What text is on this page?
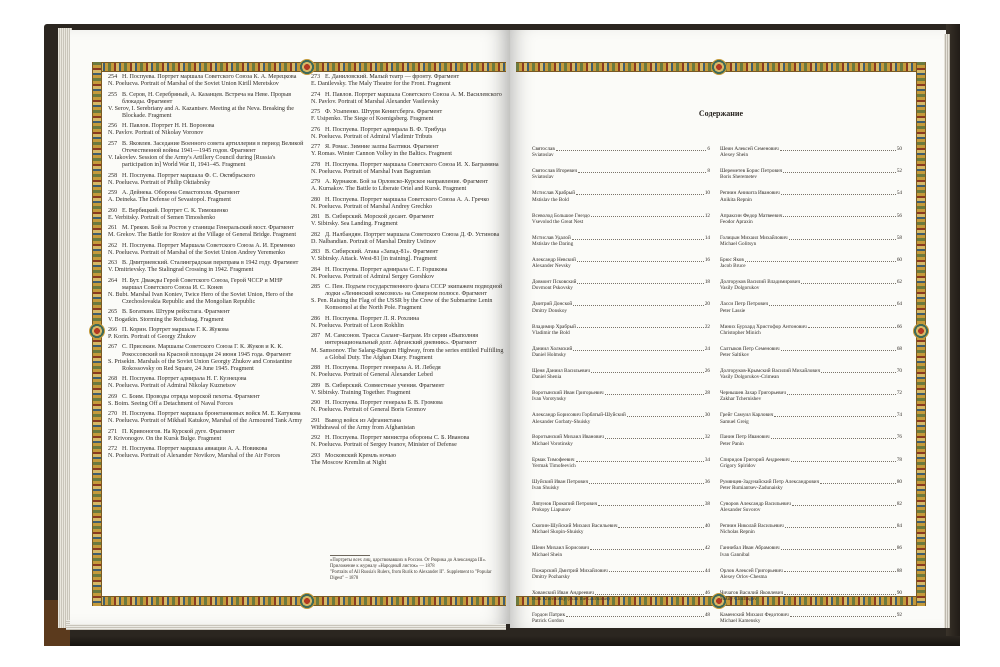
254 Н. Поспуева. Портрет маршала Советского Союза К. А. Мерецкова
N. Poeluєva. Portrait of Marshal of the Soviet Union Kirill Meretskov
255 В. Серов, Н. Серебряный, А. Казанцев. Встреча на Неве. Прорыв блокады. Фрагмент
V. Serov, I. Serebriany and A. Kazantsev. Meeting at the Neva. Breaking the Blockade. Fragment
256 Н. Павлов. Портрет Н. Н. Воронова
N. Pavlov. Portrait of Nikolay Voronov
257 В. Яковлев. Заседание Военного совета артиллерии в период Великой Отечественной войны 1941—1945 годов. Фрагмент
V. Iakovlev. Session of the Army's Artillery Council during [Russia's participation in] World War II, 1941–45. Fragment
258 Н. Поспуева. Портрет маршала Ф. С. Октябрьского
N. Poeluєva. Portrait of Philip Oktiabrsky
259 А. Дейнека. Оборона Севастополя. Фрагмент
A. Deineka. The Defense of Sevastopol. Fragment
260 Е. Вербицкий. Портрет С. К. Тимошенко
E. Verbitsky. Portrait of Semen Timoshenko
261 М. Греков. Бой за Ростов у станицы Генеральский мост. Фрагмент
M. Grekov. The Battle for Rostov at the Village of General Bridge. Fragment
262 Н. Поспуева. Портрет Маршала Советского Союза А. И. Еременко
N. Poeluєva. Portrait of Marshal of the Soviet Union Andrey Yeremenko
263 В. Дмитриевский. Сталинградская переправа в 1942 году. Фрагмент
V. Dmitrievsky. The Stalingrad Crossing in 1942. Fragment
264 Н. Бут. Дважды Герой Советского Союза, Герой ЧССР и МНР маршал Советского Союза И. С. Конев
N. Bubt. Marshal Ivan Koniev, Twice Hero of the Soviet Union, Hero of the Czechoslovakia Republic and the Mongolian Republic
265 В. Богаткин. Штурм рейхстага. Фрагмент
V. Bogatkin. Storming the Reichstag. Fragment
266 П. Корин. Портрет маршала Г. К. Жукова
P. Korin. Portrait of Georgy Zhukov
267 С. Присекин. Маршалы Советского Союза Г. К. Жуков и К. К. Рокоссовский на Красной площади 24 июня 1945 года. Фрагмент
S. Prisekin. Marshals of the Soviet Union Georgiy Zhukov and Constantine Rokossovsky on Red Square, 24 June 1945. Fragment
268 Н. Поспуева. Портрет адмирала Н. Г. Кузнецова
N. Poeluєva. Portrait of Admiral Nikolay Kuznetsov
269 С. Боим. Проводы отряда морской пехоты. Фрагмент
S. Boim. Seeing Off a Detachment of Naval Forces
270 Н. Поспуева. Портрет маршала бронетанковых войск М. Е. Катукова
N. Poeluєva. Portrait of Mikhail Katukov, Marshal of the Armoured Tank Army
271 П. Кривоногов. На Курской дуге. Фрагмент
P. Krivonogov. On the Kursk Bulge. Fragment
272 Н. Поспуева. Портрет маршала авиации А. А. Новикова
N. Poeluєva. Portrait of Alexander Novikov, Marshal of the Air Forces
273 Е. Даниловский. Малый театр — фронту. Фрагмент
E. Danilevsky. The Maly Theatre for the Front. Fragment
274 Н. Павлов. Портрет маршала Советского Союза А. М. Василевского
N. Pavlov. Portrait of Marshal Alexander Vasilevsky
275 Ф. Усыпенко. Штурм Кенигсберга. Фрагмент
F. Usipenko. The Siege of Koenigsberg. Fragment
276 Н. Поспуева. Портрет адмирала В. Ф. Трибуца
N. Poeluєva. Portrait of Admiral Vladimir Tributs
277 Я. Ромас. Зимние залпы Балтики. Фрагмент
Y. Romas. Winter Cannon Volley in the Baltics. Fragment
278 Н. Поспуева. Портрет маршала Советского Союза И. Х. Баграмяна
N. Poeluєva. Portrait of Marshal Ivan Bagramian
279 А. Курнаков. Бой за Орловско-Курское направление. Фрагмент
A. Kurnakov. The Battle to Liberate Oriel and Kursk. Fragment
280 Н. Поспуева. Портрет маршала Советского Союза А. А. Гречко
N. Poeluєva. Portrait of Marshal Andrey Grechko
281 В. Сибирский. Морской десант. Фрагмент
V. Sibirsky. Sea Landing. Fragment
282 Д. Налбандян. Портрет маршала Советского Союза Д. Ф. Устинова
D. Nalbandian. Portrait of Marshal Dmitry Ustinov
283 В. Сибирский. Атака «Запад-81». Фрагмент
V. Sibirsky. Attack. West-81 [in training]. Fragment
284 Н. Поспуева. Портрет адмирала С. Г. Горшкова
N. Poeluєva. Portrait of Admiral Sergey Gorshkov
285 С. Пен. Подъем государственного флага СССР экипажем подводной лодки «Ленинский комсомол» на Северном полюсе. Фрагмент
S. Pen. Raising the Flag of the USSR by the Crew of the Submarine Lenin Komsomol at the North Pole. Fragment
286 Н. Поспуева. Портрет Л. Я. Рохлина
N. Poeluєva. Portrait of Leon Rokhlin
287 М. Самсонов. Трасса Саланг–Баграм. Из серии «Выполняя интернациональный долг. Афганский дневник». Фрагмент
M. Samsonov. The Salang-Bagram Highway, from the series entitled Fulfilling a Global Duty. The Afghan Diary. Fragment
288 Н. Поспуева. Портрет генерала А. И. Лебедя
N. Poeluєva. Portrait of General Alexander Lebed
289 В. Сибирский. Совместные учения. Фрагмент
V. Sibirsky. Training Together. Fragment
290 Н. Поспуева. Портрет генерала Б. В. Громова
N. Poeluєva. Portrait of General Boris Gromov
291 Вывод войск из Афганистана
Withdrawal of the Army from Afghanistan
292 Н. Поспуева. Портрет министра обороны С. Б. Иванова
N. Poeluєva. Portrait of Sergey Ivanov, Minister of Defense
293 Московский Кремль ночью
The Moscow Kremlin at Night
«Портреты всех лиц, царствовавших в России. От Рюрика до Александра III». Приложение к журналу «Народный листок» — 1878
"Portraits of All Russia's Rulers, from Rurik to Alexander II". Supplement to "Popular Digest" – 1878
Содержание
Святослав	6
Sviatoslav
Святослав Игоревич	8
Sviatoslav
Мстислав Храбрый	10
Mstislav the Bold
Всеволод Большое Гнездо	12
Vsevolod the Great Nest
Мстислав Удалой	14
Mstislav the Daring
Александр Невский	16
Alexander Nevsky
Довмонт Псковский	18
Dovmont Pskovsky
Дмитрий Донской	20
Dmitry Donskoy
Владимир Храбрый	22
Vladimir the Bold
Даниил Холмский	24
Daniel Holmsky
Щеня Даниил Васильевич	26
Daniel Shenia
Воротынский Иван Григорьевич	28
Ivan Vorotynsky
Александр Борисович Горбатый-Шуйский	30
Alexander Gorbaty-Shuisky
Воротынский Михаил Иванович	32
Michael Vorotinsky
Ермак Тимофеевич	34
Yermak Timofeevich
Шуйский Иван Петрович	36
Ivan Shuisky
Ляпунов Прокопий Петрович	38
Prokopy Liapunov
Скопин-Шуйский Михаил Васильевич	40
Michael Skopin-Shuisky
Шеин Михаил Борисович	42
Michael Shein
Пожарский Дмитрий Михайлович	44
Dmitry Pozharsky
Хованский Иван Андреевич	46
Ivan Khovansky (Ivan the Garrulous)
Гордон Патрик	48
Patrick Gordon
Шеин Алексей Семенович	50
Alexey Shein
Шереметев Борис Петрович	52
Boris Sheremetev
Репнин Аникита Иванович	54
Anikita Repnin
Апраксин Федор Матвеевич	56
Feodor Apraxin
Голицын Михаил Михайлович	58
Michael Golitsyn
Брюс Яков	60
Jacob Bruce
Долгоруков Василий Владимирович	62
Vasily Dolgorukov
Ласси Петр Петрович	64
Peter Lassie
Миних Бурхард Христофор Антонович	66
Christopher Minich
Салтыков Петр Семенович	68
Peter Saltikov
Долгоруков-Крымский Василий Михайлович	70
Vasily Dolgorukov-Crimean
Чернышев Захар Григорьевич	72
Zakhar Tchernishev
Грейг Самуил Карлович	74
Samuel Greig
Панин Петр Иванович	76
Peter Panin
Спиридов Григорий Андреевич	78
Grigory Spiridov
Румянцев-Задунайский Петр Александрович	80
Peter Rumiantsev-Zadunaisky
Суворов Александр Васильевич	82
Alexander Suvorov
Репнин Николай Васильевич	84
Nicholas Repnin
Ганнибал Иван Абрамович	86
Ivan Gannibal
Орлов Алексей Григорьевич	88
Alexey Orlov-Chesma
Чичагов Василий Яковлевич	90
Vasily Chichagov
Каменский Михаил Федотович	92
Michael Kamensky
